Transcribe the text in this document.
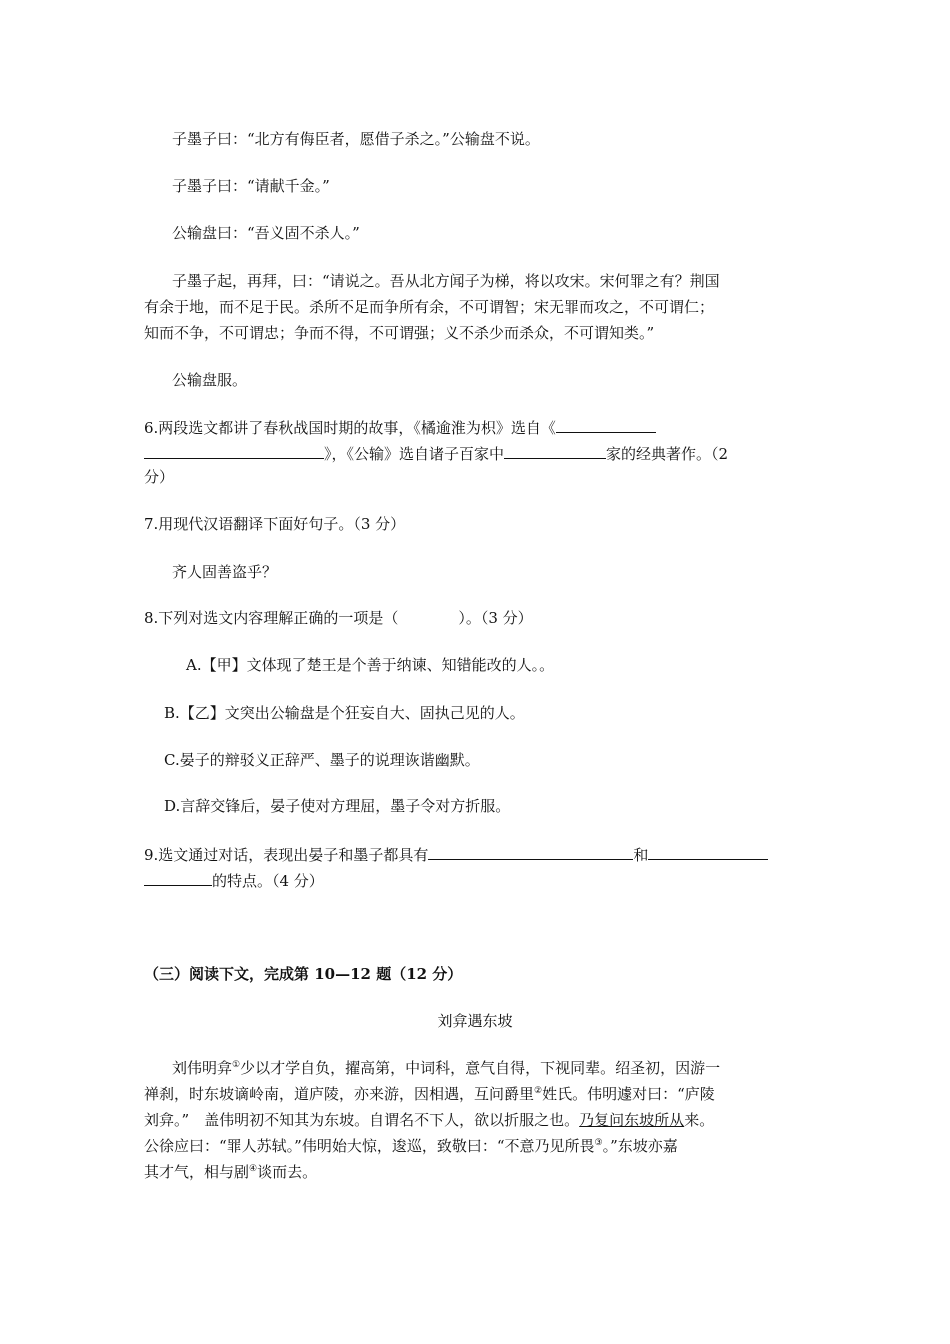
子墨子曰：“北方有侮臣者，愿借子杀之。”公输盘不说。
子墨子曰：“请献千金。”
公输盘曰：“吾义固不杀人。”
子墨子起，再拜，曰：“请说之。吾从北方闻子为梯，将以攻宋。宋何罪之有？荆国
有余于地，而不足于民。杀所不足而争所有余，不可谓智；宋无罪而攻之，不可谓仁；
知而不争，不可谓忠；争而不得，不可谓强；义不杀少而杀众，不可谓知类。”
公输盘服。
6.两段选文都讲了春秋战国时期的故事，《橘逾淮为枳》选自《
》，《公输》选自诸子百家中	家的经典著作。（2
分）
7.用现代汉语翻译下面好句子。（3 分）
齐人固善盗乎？
8.下列对选文内容理解正确的一项是（　　　　）。（3 分）
A.【甲】文体现了楚王是个善于纳谏、知错能改的人。。
B.【乙】文突出公输盘是个狂妄自大、固执己见的人。
C.晏子的辩驳义正辞严、墨子的说理诙谐幽默。
D.言辞交锋后，晏子使对方理屈，墨子令对方折服。
9.选文通过对话，表现出晏子和墨子都具有	和
的特点。（4 分）
（三）阅读下文，完成第 10—12 题（12 分）
刘弇遇东坡
刘伟明弇①少以才学自负，擢高第，中词科，意气自得，下视同辈。绍圣初，因游一
禅刹，时东坡谪岭南，道庐陵，亦来游，因相遇，互问爵里②姓氏。伟明遽对曰：“庐陵
刘弇。”　盖伟明初不知其为东坡。自谓名不下人，欲以折服之也。乃复问东坡所从来。
公徐应曰：“罪人苏轼。”伟明始大惊，逡巡，致敬曰：“不意乃见所畏③。”东坡亦嘉
其才气，相与剧④谈而去。
